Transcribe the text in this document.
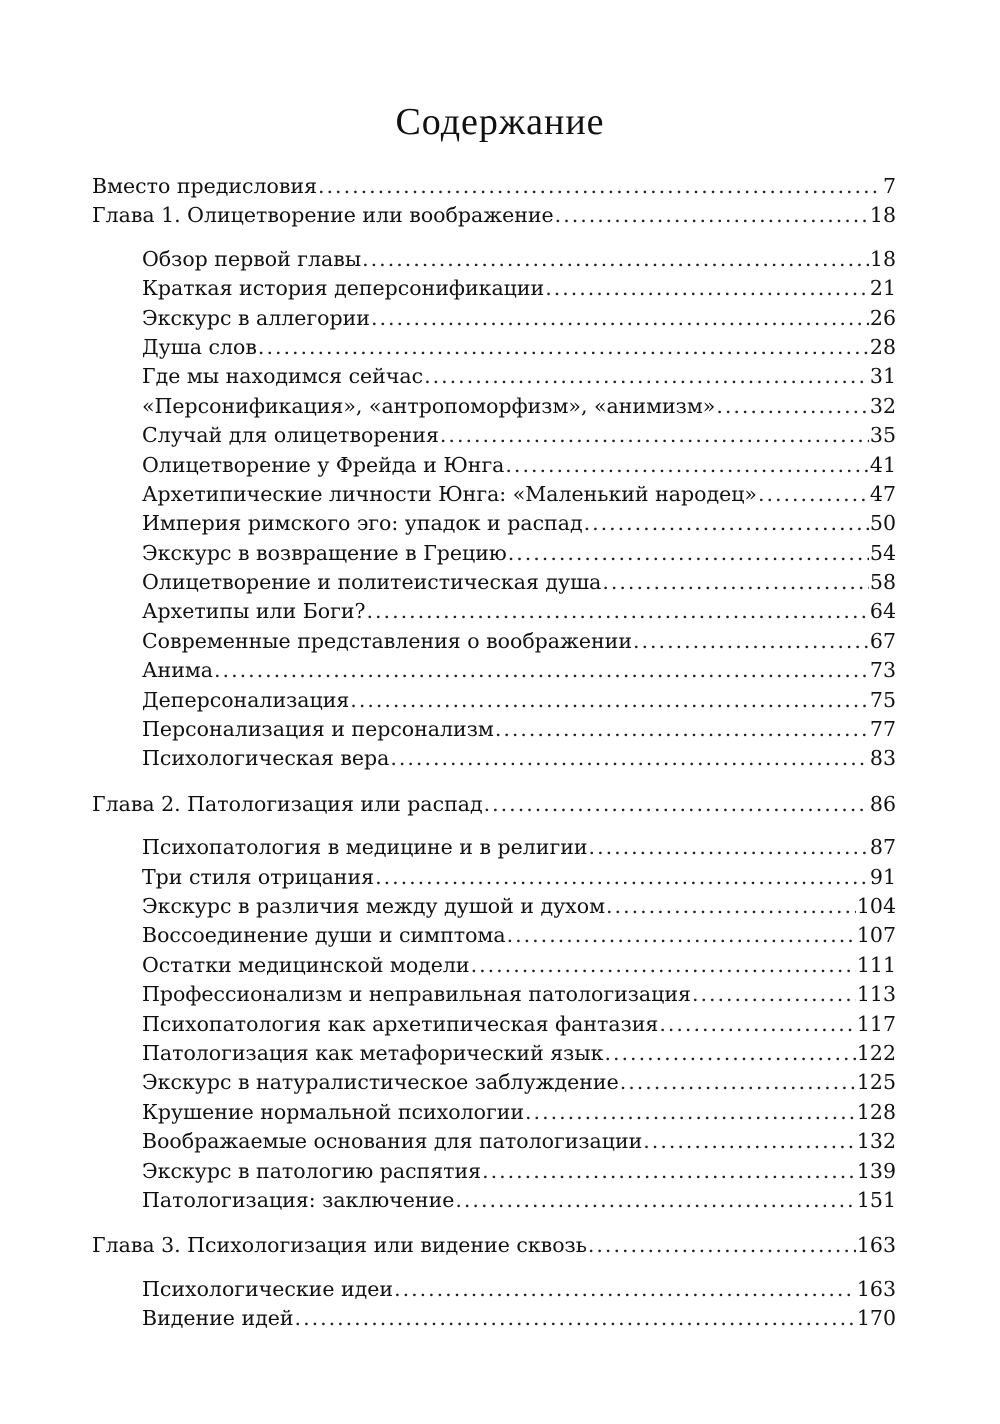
Содержание
Вместо предисловия .....	7
Глава 1. Олицетворение или воображение .....	18
Обзор первой главы .....	18
Краткая история деперсонификации .....	21
Экскурс в аллегории .....	26
Душа слов .....	28
Где мы находимся сейчас .....	31
«Персонификация», «антропоморфизм», «анимизм» .....	32
Случай для олицетворения .....	35
Олицетворение у Фрейда и Юнга .....	41
Архетипические личности Юнга: «Маленький народец» .....	47
Империя римского эго: упадок и распад .....	50
Экскурс в возвращение в Грецию .....	54
Олицетворение и политеистическая душа .....	58
Архетипы или Боги? .....	64
Современные представления о воображении .....	67
Анима .....	73
Деперсонализация .....	75
Персонализация и персонализм .....	77
Психологическая вера .....	83
Глава 2. Патологизация или распад .....	86
Психопатология в медицине и в религии .....	87
Три стиля отрицания .....	91
Экскурс в различия между душой и духом .....	104
Воссоединение души и симптома .....	107
Остатки медицинской модели .....	111
Профессионализм и неправильная патологизация .....	113
Психопатология как архетипическая фантазия .....	117
Патологизация как метафорический язык .....	122
Экскурс в натуралистическое заблуждение .....	125
Крушение нормальной психологии .....	128
Воображаемые основания для патологизации .....	132
Экскурс в патологию распятия .....	139
Патологизация: заключение .....	151
Глава 3. Психологизация или видение сквозь .....	163
Психологические идеи .....	163
Видение идей .....	170
